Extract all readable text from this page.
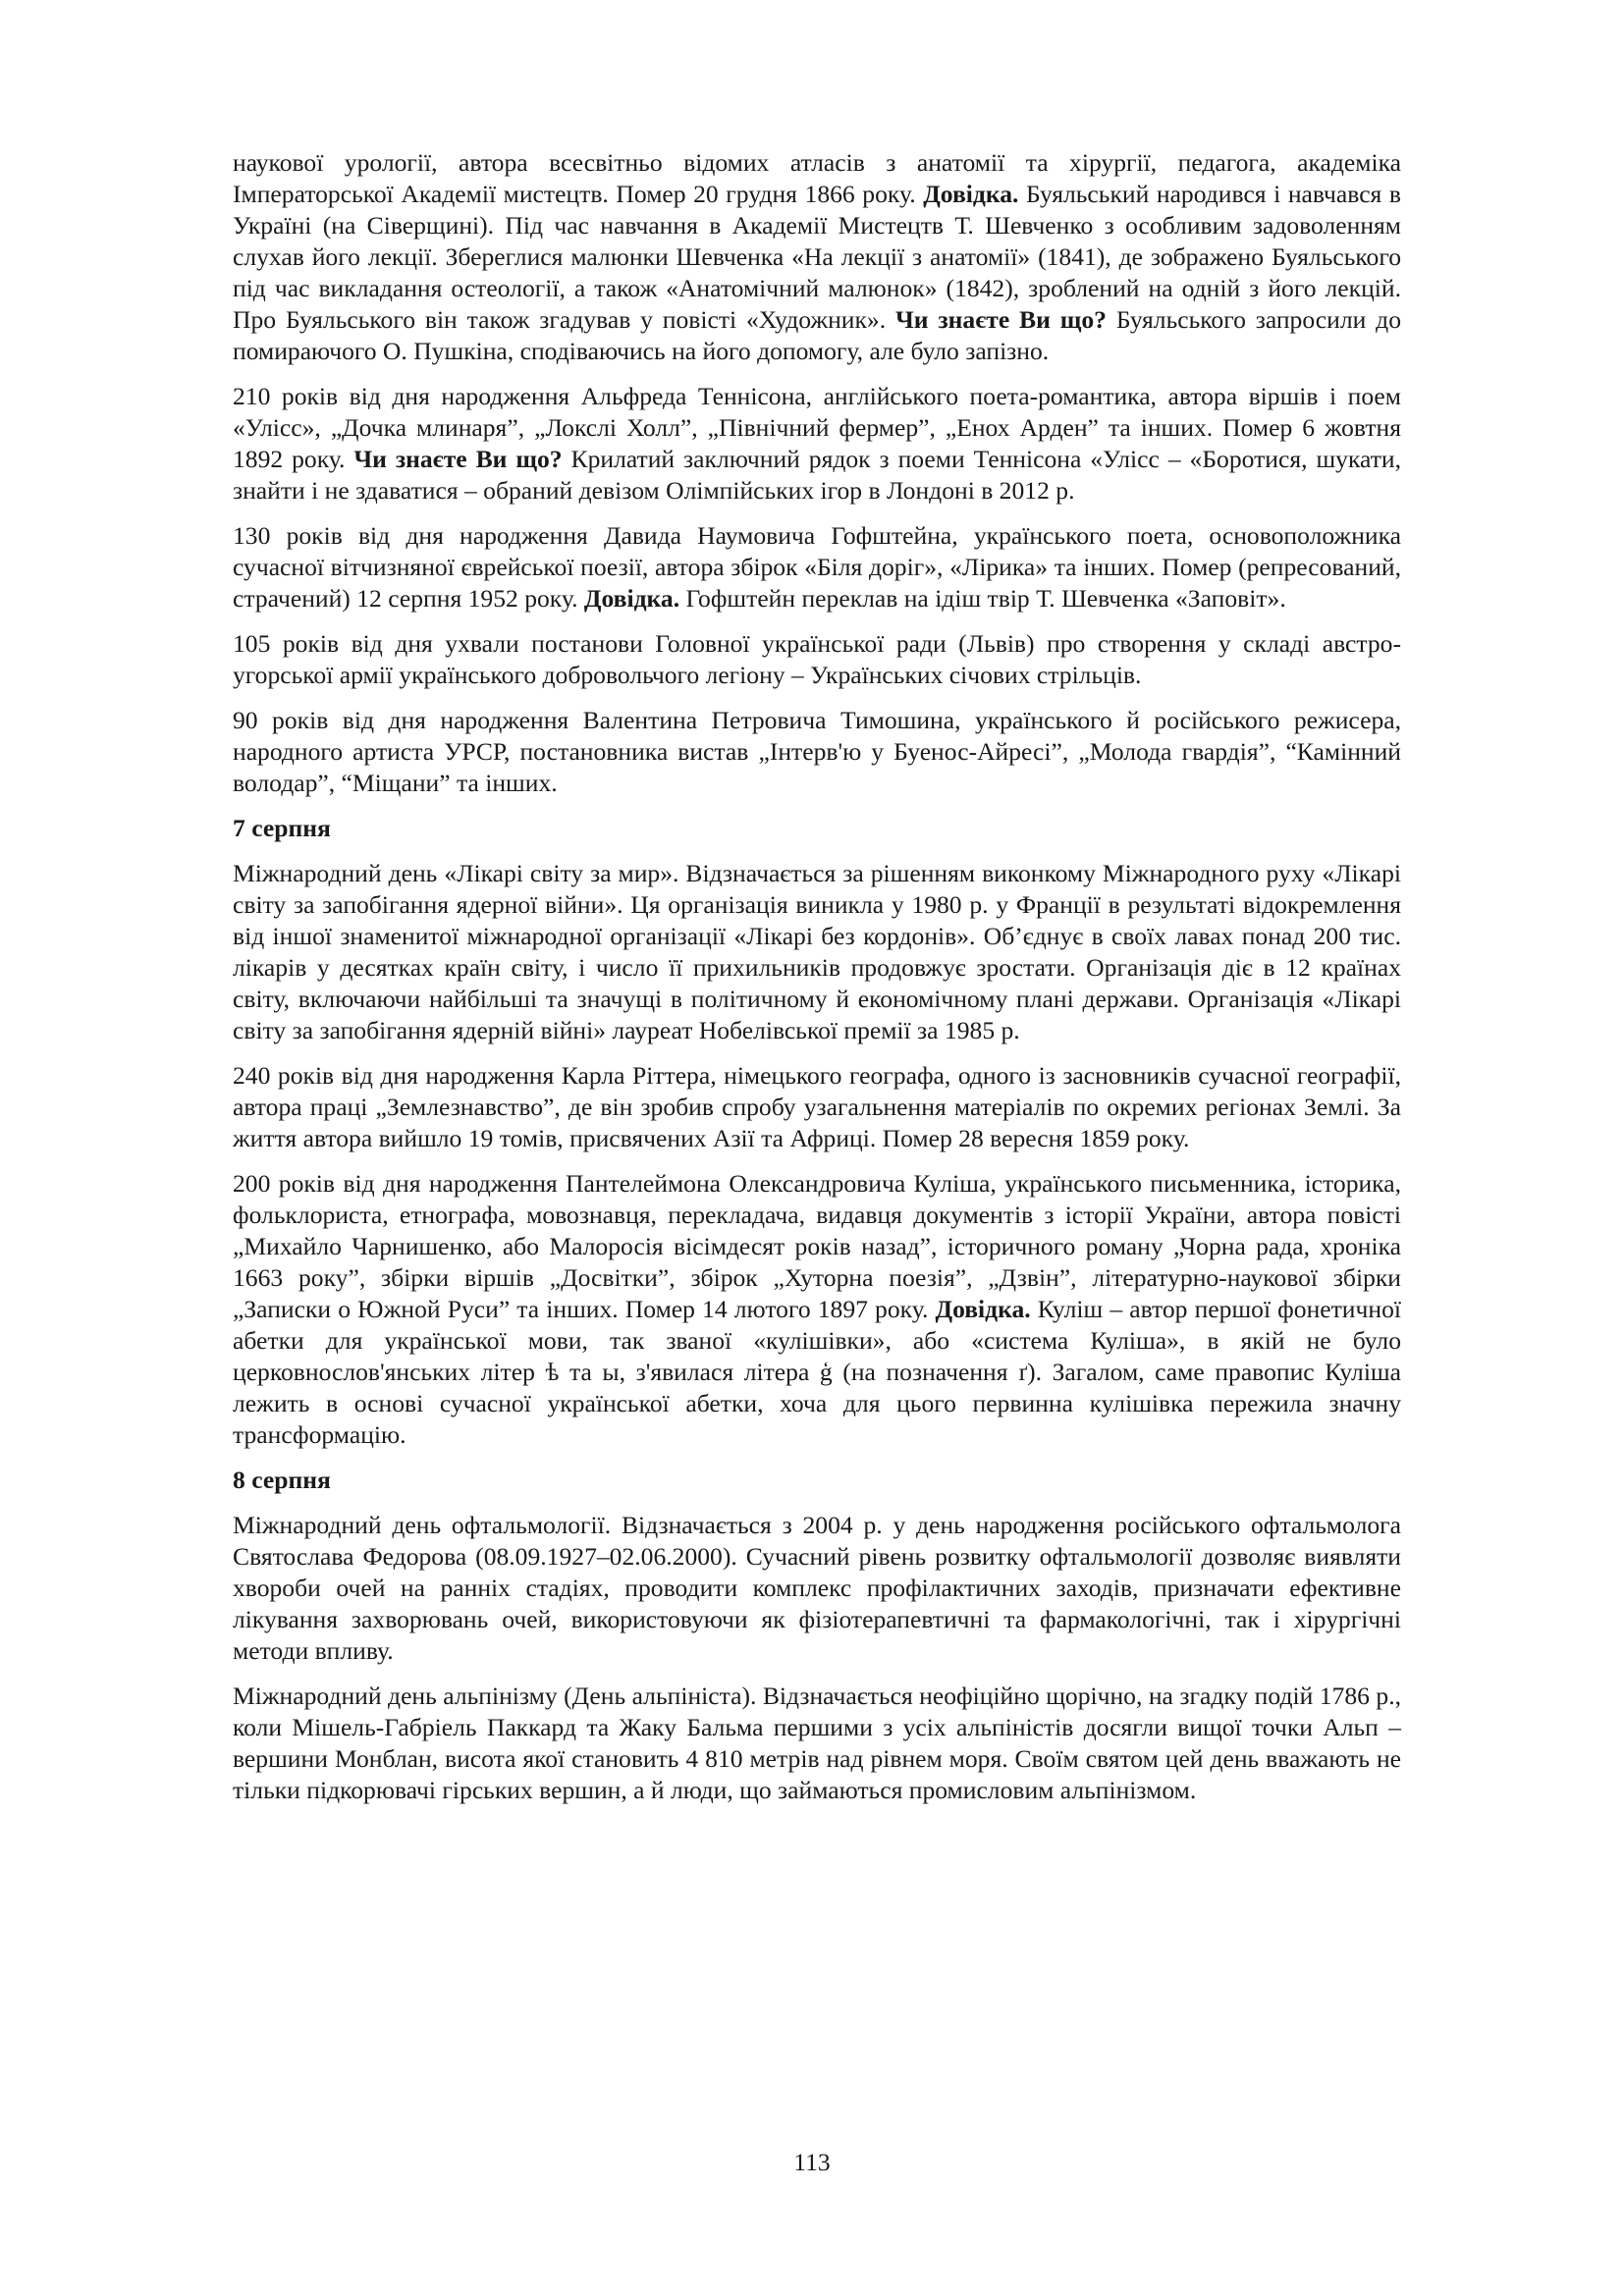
наукової урології, автора всесвітньо відомих атласів з анатомії та хірургії, педагога, академіка Імператорської Академії мистецтв. Помер 20 грудня 1866 року. Довідка. Буяльський народився і навчався в Україні (на Сіверщині). Під час навчання в Академії Мистецтв Т. Шевченко з особливим задоволенням слухав його лекції. Збереглися малюнки Шевченка «На лекції з анатомії» (1841), де зображено Буяльського під час викладання остеології, а також «Анатомічний малюнок» (1842), зроблений на одній з його лекцій. Про Буяльського він також згадував у повісті «Художник». Чи знаєте Ви що? Буяльського запросили до помираючого О. Пушкіна, сподіваючись на його допомогу, але було запізно.

210 років від дня народження Альфреда Теннісона, англійського поета-романтика, автора віршів і поем «Улісс», „Дочка млинаря”, „Локслі Холл”, „Північний фермер”, „Енох Арден” та інших. Помер 6 жовтня 1892 року. Чи знаєте Ви що? Крилатий заключний рядок з поеми Теннісона «Улісс – «Боротися, шукати, знайти і не здаватися – обраний девізом Олімпійських ігор в Лондоні в 2012 р.

130 років від дня народження Давида Наумовича Гофштейна, українського поета, основоположника сучасної вітчизняної єврейської поезії, автора збірок «Біля доріг», «Лірика» та інших. Помер (репресований, страчений) 12 серпня 1952 року. Довідка. Гофштейн переклав на ідіш твір Т. Шевченка «Заповіт».

105 років від дня ухвали постанови Головної української ради (Львів) про створення у складі австро-угорської армії українського добровольчого легіону – Українських січових стрільців.

90 років від дня народження Валентина Петровича Тимошина, українського й російського режисера, народного артиста УРСР, постановника вистав „Інтерв'ю у Буенос-Айресі”, „Молода гвардія”, “Камінний володар”, “Міщани” та інших.

7 серпня

Міжнародний день «Лікарі світу за мир». Відзначається за рішенням виконкому Міжнародного руху «Лікарі світу за запобігання ядерної війни». Ця організація виникла у 1980 р. у Франції в результаті відокремлення від іншої знаменитої міжнародної організації «Лікарі без кордонів». Об’єднує в своїх лавах понад 200 тис. лікарів у десятках країн світу, і число її прихильників продовжує зростати. Організація діє в 12 країнах світу, включаючи найбільші та значущі в політичному й економічному плані держави. Організація «Лікарі світу за запобігання ядерній війні» лауреат Нобелівської премії за 1985 р.

240 років від дня народження Карла Ріттера, німецького географа, одного із засновників сучасної географії, автора праці „Землезнавство”, де він зробив спробу узагальнення матеріалів по окремих регіонах Землі. За життя автора вийшло 19 томів, присвячених Азії та Африці. Помер 28 вересня 1859 року.

200 років від дня народження Пантелеймона Олександровича Куліша, українського письменника, історика, фольклориста, етнографа, мовознавця, перекладача, видавця документів з історії України, автора повісті „Михайло Чарнишенко, або Малоросія вісімдесят років назад”, історичного роману „Чорна рада, хроніка 1663 року”, збірки віршів „Досвітки”, збірок „Хуторна поезія”, „Дзвін”, літературно-наукової збірки „Записки о Южной Руси” та інших. Помер 14 лютого 1897 року. Довідка. Куліш – автор першої фонетичної абетки для української мови, так званої «кулішівки», або «система Куліша», в якій не було церковнослов'янських літер ѣ та ы, з'явилася літера ģ (на позначення ґ). Загалом, саме правопис Куліша лежить в основі сучасної української абетки, хоча для цього первинна кулішівка пережила значну трансформацію.

8 серпня

Міжнародний день офтальмології. Відзначається з 2004 р. у день народження російського офтальмолога Святослава Федорова (08.09.1927–02.06.2000). Сучасний рівень розвитку офтальмології дозволяє виявляти хвороби очей на ранніх стадіях, проводити комплекс профілактичних заходів, призначати ефективне лікування захворювань очей, використовуючи як фізіотерапевтичні та фармакологічні, так і хірургічні методи впливу.

Міжнародний день альпінізму (День альпініста). Відзначається неофіційно щорічно, на згадку подій 1786 р., коли Мішель-Габріель Паккард та Жаку Бальма першими з усіх альпіністів досягли вищої точки Альп – вершини Монблан, висота якої становить 4 810 метрів над рівнем моря. Своїм святом цей день вважають не тільки підкорювачі гірських вершин, а й люди, що займаються промисловим альпінізмом.

113
